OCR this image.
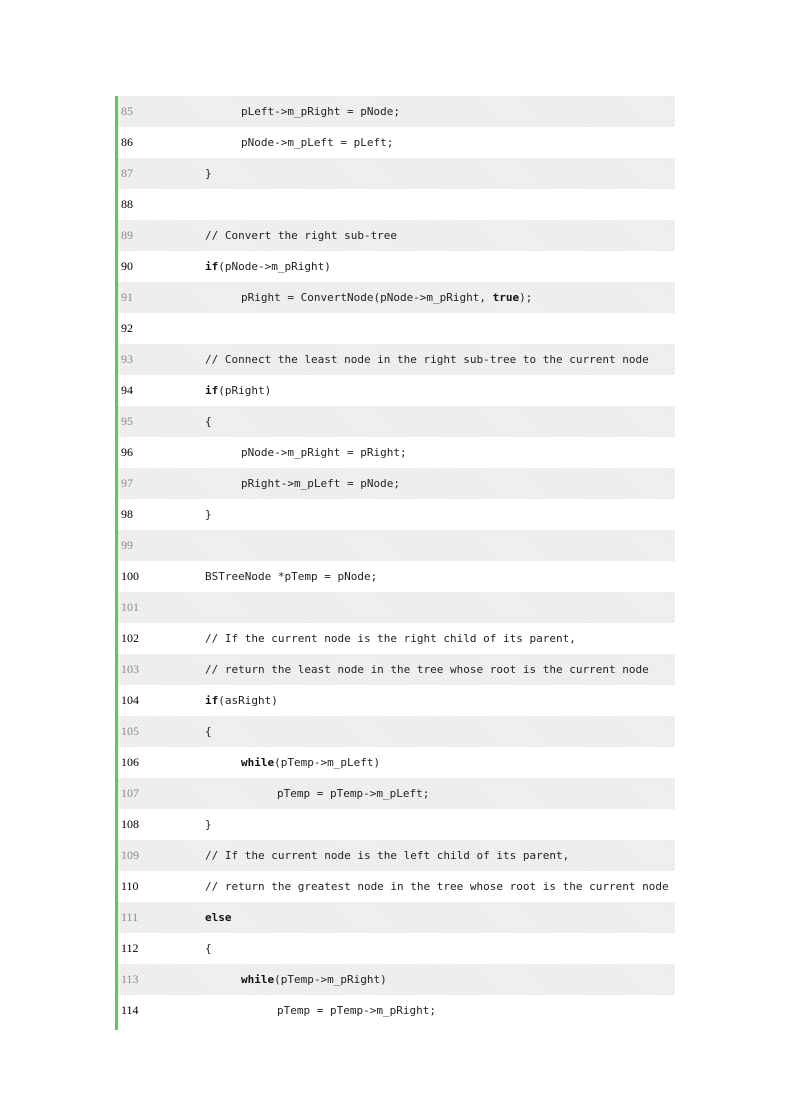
85	pLeft->m_pRight = pNode;
86	pNode->m_pLeft = pLeft;
87	}
88
89	// Convert the right sub-tree
90	if(pNode->m_pRight)
91	pRight = ConvertNode(pNode->m_pRight, true);
92
93	// Connect the least node in the right sub-tree to the current node
94	if(pRight)
95	{
96	pNode->m_pRight = pRight;
97	pRight->m_pLeft = pNode;
98	}
99
100	BSTreeNode *pTemp = pNode;
101
102	// If the current node is the right child of its parent,
103	// return the least node in the tree whose root is the current node
104	if(asRight)
105	{
106	while(pTemp->m_pLeft)
107	pTemp = pTemp->m_pLeft;
108	}
109	// If the current node is the left child of its parent,
110	// return the greatest node in the tree whose root is the current node
111	else
112	{
113	while(pTemp->m_pRight)
114	pTemp = pTemp->m_pRight;
